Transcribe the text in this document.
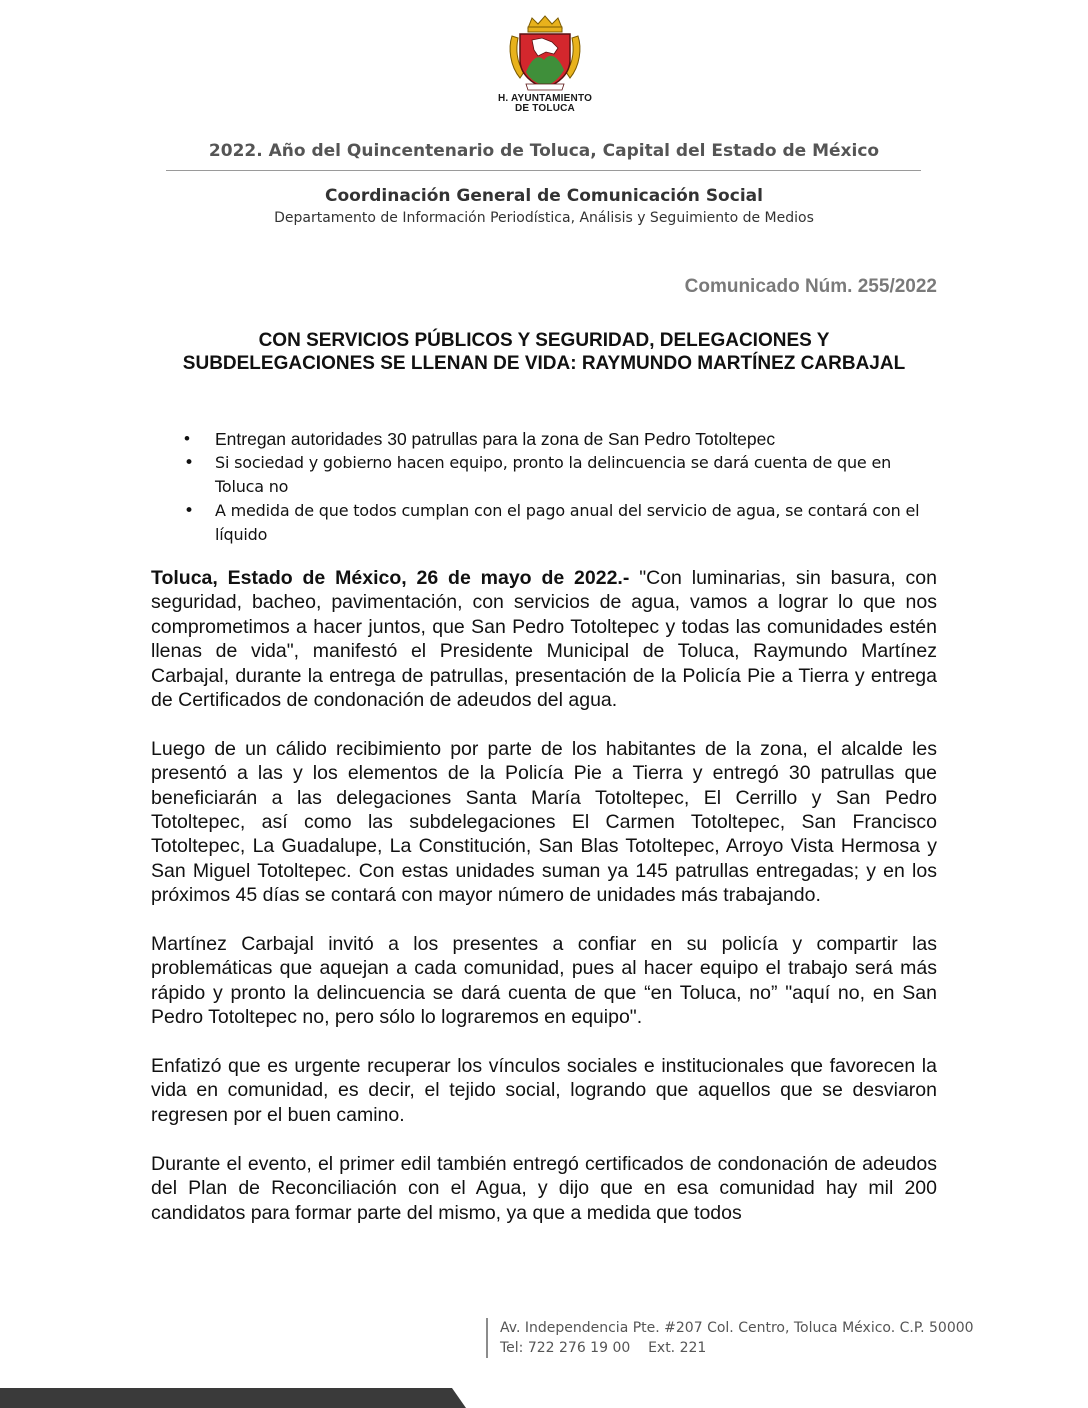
H. AYUNTAMIENTO
DE TOLUCA
2022. Año del Quincentenario de Toluca, Capital del Estado de México
Coordinación General de Comunicación Social
Departamento de Información Periodística, Análisis y Seguimiento de Medios
Comunicado Núm. 255/2022
CON SERVICIOS PÚBLICOS Y SEGURIDAD, DELEGACIONES Y SUBDELEGACIONES SE LLENAN DE VIDA: RAYMUNDO MARTÍNEZ CARBAJAL
• Entregan autoridades 30 patrullas para la zona de San Pedro Totoltepec
• Si sociedad y gobierno hacen equipo, pronto la delincuencia se dará cuenta de que en Toluca no
• A medida de que todos cumplan con el pago anual del servicio de agua, se contará con el líquido

Toluca, Estado de México, 26 de mayo de 2022.- "Con luminarias, sin basura, con seguridad, bacheo, pavimentación, con servicios de agua, vamos a lograr lo que nos comprometimos a hacer juntos, que San Pedro Totoltepec y todas las comunidades estén llenas de vida", manifestó el Presidente Municipal de Toluca, Raymundo Martínez Carbajal, durante la entrega de patrullas, presentación de la Policía Pie a Tierra y entrega de Certificados de condonación de adeudos del agua.

Luego de un cálido recibimiento por parte de los habitantes de la zona, el alcalde les presentó a las y los elementos de la Policía Pie a Tierra y entregó 30 patrullas que beneficiarán a las delegaciones Santa María Totoltepec, El Cerrillo y San Pedro Totoltepec, así como las subdelegaciones El Carmen Totoltepec, San Francisco Totoltepec, La Guadalupe, La Constitución, San Blas Totoltepec, Arroyo Vista Hermosa y San Miguel Totoltepec. Con estas unidades suman ya 145 patrullas entregadas; y en los próximos 45 días se contará con mayor número de unidades más trabajando.

Martínez Carbajal invitó a los presentes a confiar en su policía y compartir las problemáticas que aquejan a cada comunidad, pues al hacer equipo el trabajo será más rápido y pronto la delincuencia se dará cuenta de que “en Toluca, no” "aquí no, en San Pedro Totoltepec no, pero sólo lo lograremos en equipo".

Enfatizó que es urgente recuperar los vínculos sociales e institucionales que favorecen la vida en comunidad, es decir, el tejido social, logrando que aquellos que se desviaron regresen por el buen camino.

Durante el evento, el primer edil también entregó certificados de condonación de adeudos del Plan de Reconciliación con el Agua, y dijo que en esa comunidad hay mil 200 candidatos para formar parte del mismo, ya que a medida que todos

Av. Independencia Pte. #207 Col. Centro, Toluca México. C.P. 50000
Tel: 722 276 19 00    Ext. 221
